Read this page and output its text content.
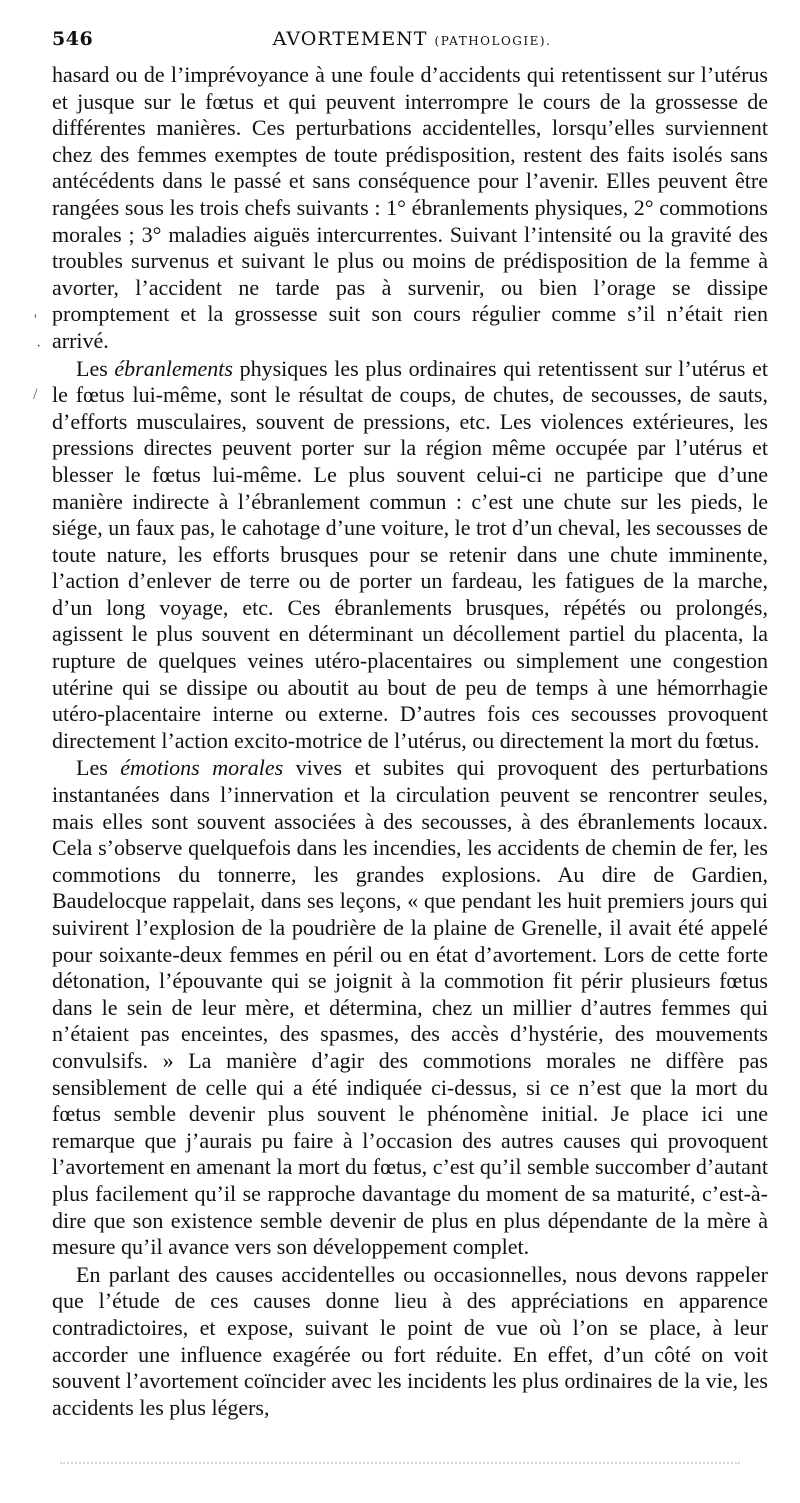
546	AVORTEMENT (PATHOLOGIE).
'
·
/

hasard ou de l’imprévoyance à une foule d’accidents qui retentissent sur l’utérus et jusque sur le fœtus et qui peuvent interrompre le cours de la grossesse de différentes manières. Ces perturbations accidentelles, lorsqu’elles surviennent chez des femmes exemptes de toute prédisposition, restent des faits isolés sans antécédents dans le passé et sans conséquence pour l’avenir. Elles peuvent être rangées sous les trois chefs suivants : 1° ébranlements physiques, 2° commotions morales ; 3° maladies aiguës intercurrentes. Suivant l’intensité ou la gravité des troubles survenus et suivant le plus ou moins de prédisposition de la femme à avorter, l’accident ne tarde pas à survenir, ou bien l’orage se dissipe promptement et la grossesse suit son cours régulier comme s’il n’était rien arrivé.

Les ébranlements physiques les plus ordinaires qui retentissent sur l’utérus et le fœtus lui-même, sont le résultat de coups, de chutes, de secousses, de sauts, d’efforts musculaires, souvent de pressions, etc. Les violences extérieures, les pressions directes peuvent porter sur la région même occupée par l’utérus et blesser le fœtus lui-même. Le plus souvent celui-ci ne participe que d’une manière indirecte à l’ébranlement commun : c’est une chute sur les pieds, le siége, un faux pas, le cahotage d’une voiture, le trot d’un cheval, les secousses de toute nature, les efforts brusques pour se retenir dans une chute imminente, l’action d’enlever de terre ou de porter un fardeau, les fatigues de la marche, d’un long voyage, etc. Ces ébranlements brusques, répétés ou prolongés, agissent le plus souvent en déterminant un décollement partiel du placenta, la rupture de quelques veines utéro-placentaires ou simplement une congestion utérine qui se dissipe ou aboutit au bout de peu de temps à une hémorrhagie utéro-placentaire interne ou externe. D’autres fois ces secousses provoquent directement l’action excito-motrice de l’utérus, ou directement la mort du fœtus.

Les émotions morales vives et subites qui provoquent des perturbations instantanées dans l’innervation et la circulation peuvent se rencontrer seules, mais elles sont souvent associées à des secousses, à des ébranlements locaux. Cela s’observe quelquefois dans les incendies, les accidents de chemin de fer, les commotions du tonnerre, les grandes explosions. Au dire de Gardien, Baudelocque rappelait, dans ses leçons, « que pendant les huit premiers jours qui suivirent l’explosion de la poudrière de la plaine de Grenelle, il avait été appelé pour soixante-deux femmes en péril ou en état d’avortement. Lors de cette forte détonation, l’épouvante qui se joignit à la commotion fit périr plusieurs fœtus dans le sein de leur mère, et détermina, chez un millier d’autres femmes qui n’étaient pas enceintes, des spasmes, des accès d’hystérie, des mouvements convulsifs. » La manière d’agir des commotions morales ne diffère pas sensiblement de celle qui a été indiquée ci-dessus, si ce n’est que la mort du fœtus semble devenir plus souvent le phénomène initial. Je place ici une remarque que j’aurais pu faire à l’occasion des autres causes qui provoquent l’avortement en amenant la mort du fœtus, c’est qu’il semble succomber d’autant plus facilement qu’il se rapproche davantage du moment de sa maturité, c’est-à-dire que son existence semble devenir de plus en plus dépendante de la mère à mesure qu’il avance vers son développement complet.

En parlant des causes accidentelles ou occasionnelles, nous devons rappeler que l’étude de ces causes donne lieu à des appréciations en apparence contradictoires, et expose, suivant le point de vue où l’on se place, à leur accorder une influence exagérée ou fort réduite. En effet, d’un côté on voit souvent l’avortement coïncider avec les incidents les plus ordinaires de la vie, les accidents les plus légers,
